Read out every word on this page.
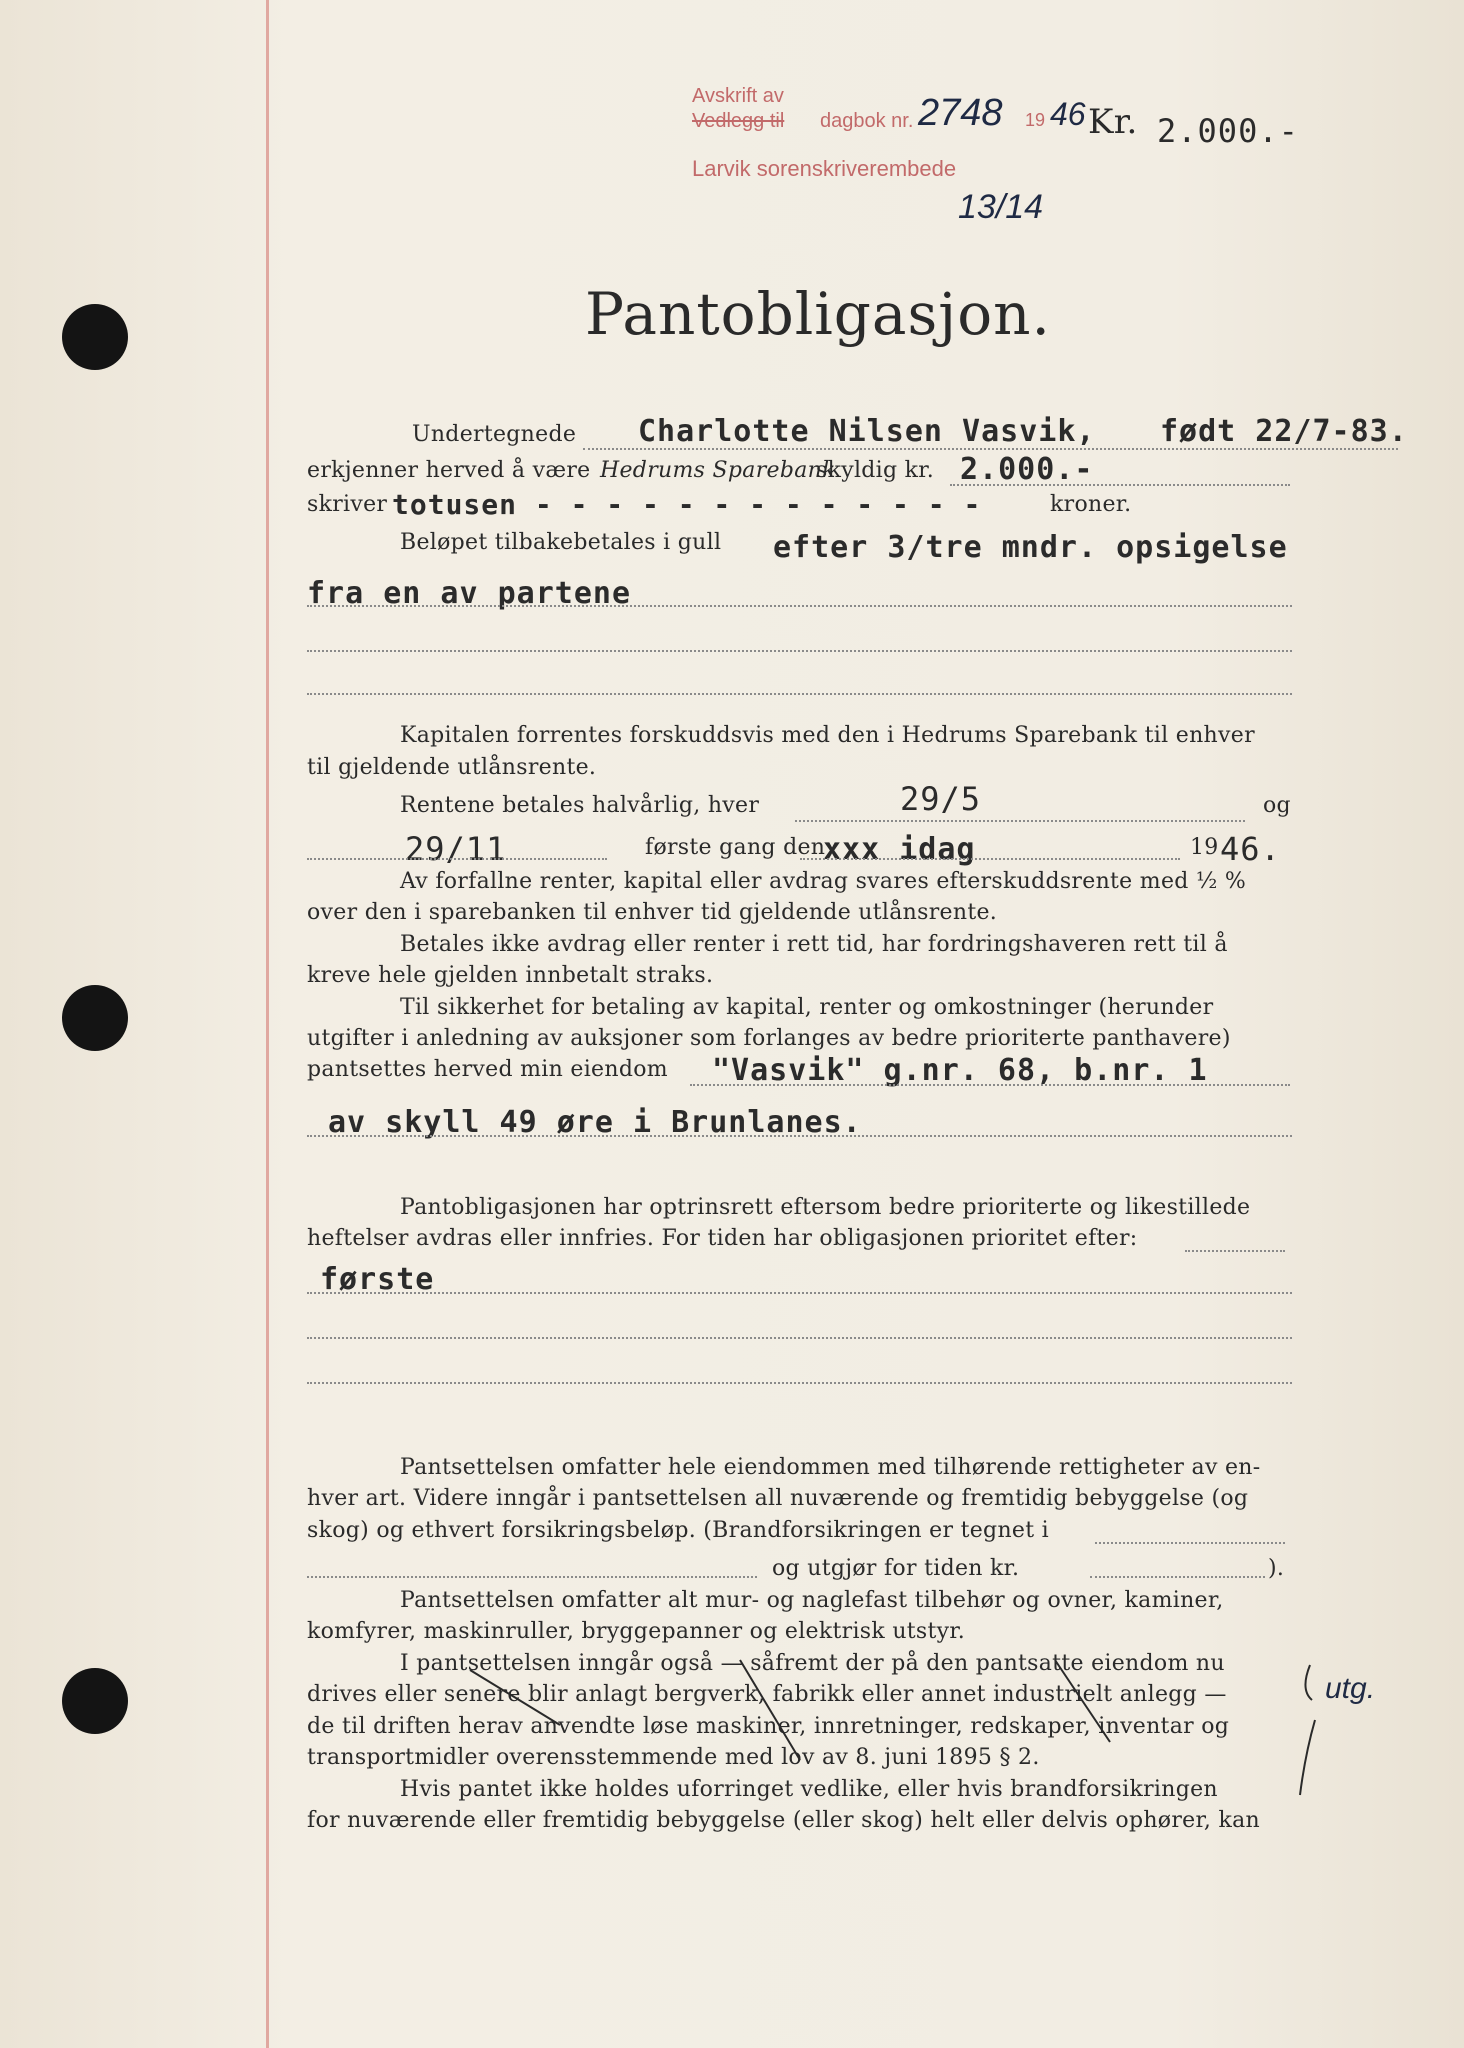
Avskrift av
Vedlegg til dagbok nr. 2748 19 46 Kr. 2.000.-
Larvik sorenskriverembede
13/14
Pantobligasjon.
Undertegnede Charlotte Nilsen Vasvik, født 22/7-83.
erkjenner herved å være Hedrums Sparebank
skyldig kr. 2.000.-
skriver totusen - - - - - - - - - - - - -	kroner.
Beløpet tilbakebetales i gull efter 3/tre mndr. opsigelse
fra en av partene
Kapitalen forrentes forskuddsvis med den i Hedrums Sparebank til enhver
til gjeldende utlånsrente.
Rentene betales halvårlig, hver	29/5	og
29/11	første gang den
xxx idag	19 46.
Av forfallne renter, kapital eller avdrag svares efterskuddsrente med ½ %
over den i sparebanken til enhver tid gjeldende utlånsrente.
Betales ikke avdrag eller renter i rett tid, har fordringshaveren rett til å
kreve hele gjelden innbetalt straks.
Til sikkerhet for betaling av kapital, renter og omkostninger (herunder
utgifter i anledning av auksjoner som forlanges av bedre prioriterte panthavere)
pantsettes herved min eiendom "Vasvik" g.nr. 68, b.nr. 1
av skyll 49 øre i Brunlanes.
Pantobligasjonen har optrinsrett eftersom bedre prioriterte og likestillede
heftelser avdras eller innfries. For tiden har obligasjonen prioritet efter:
første
Pantsettelsen omfatter hele eiendommen med tilhørende rettigheter av en-
hver art. Videre inngår i pantsettelsen all nuværende og fremtidig bebyggelse (og
skog) og ethvert forsikringsbeløp. (Brandforsikringen er tegnet i
og utgjør for tiden kr.	).
Pantsettelsen omfatter alt mur- og naglefast tilbehør og ovner, kaminer,
komfyrer, maskinruller, bryggepanner og elektrisk utstyr.
I pantsettelsen inngår også — såfremt der på den pantsatte eiendom nu
drives eller senere blir anlagt bergverk, fabrikk eller annet industrielt anlegg —
de til driften herav anvendte løse maskiner, innretninger, redskaper, inventar og
transportmidler overensstemmende med lov av 8. juni 1895 § 2.
Hvis pantet ikke holdes uforringet vedlike, eller hvis brandforsikringen
for nuværende eller fremtidig bebyggelse (eller skog) helt eller delvis ophører, kan
utg.
